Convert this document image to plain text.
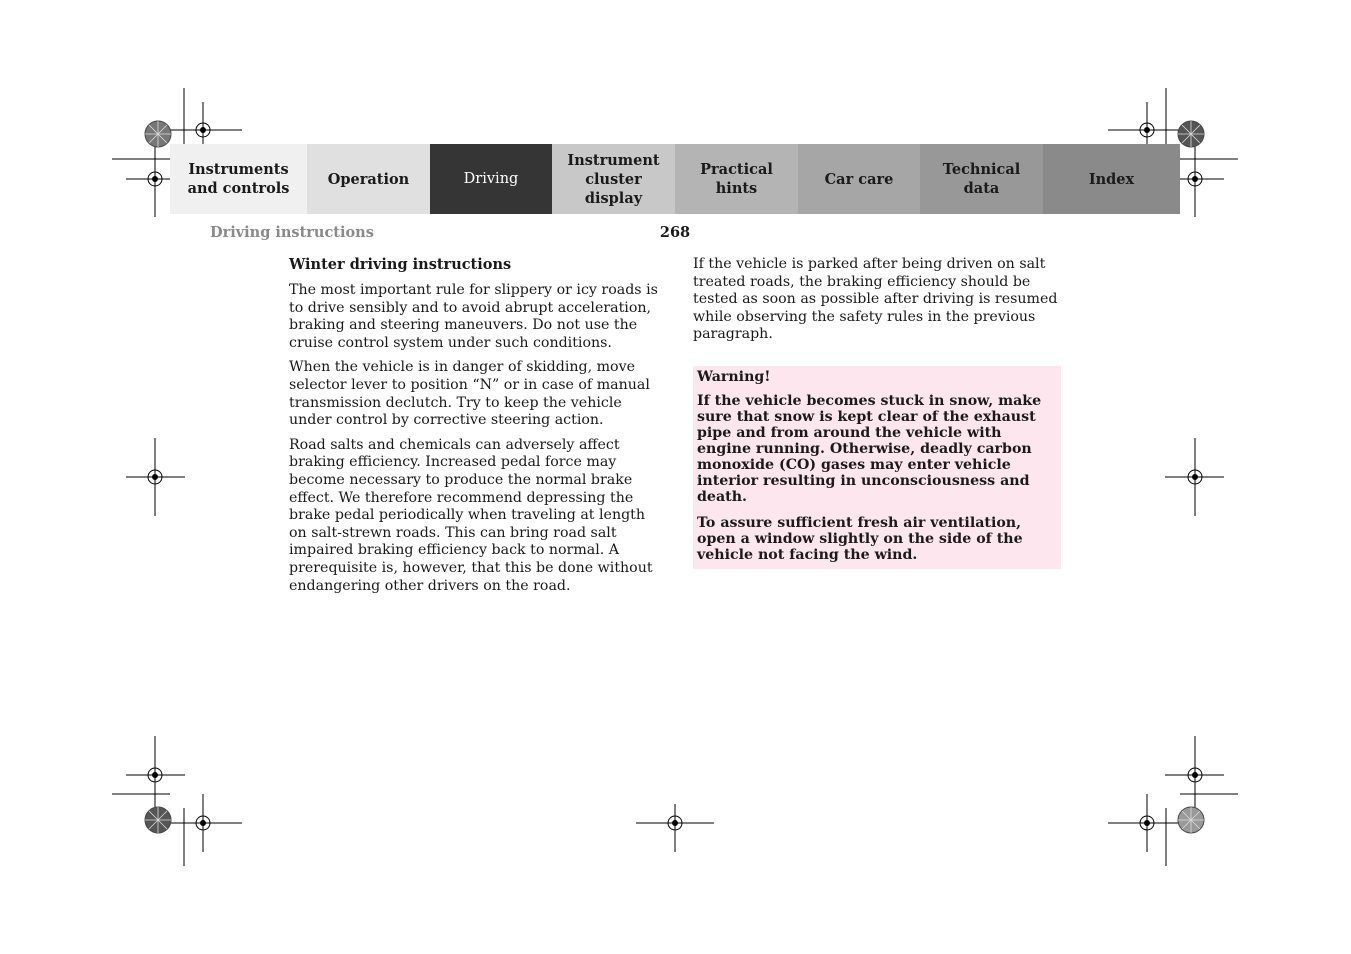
Instruments
and controls
Operation	Driving
Instrument
cluster display
Practical hints
Car care
Technical
data
Index
Driving instructions	268
Winter driving instructions

The most important rule for slippery or icy roads is to drive sensibly and to avoid abrupt acceleration, braking and steering maneuvers. Do not use the cruise control system under such conditions.

When the vehicle is in danger of skidding, move selector lever to position “N” or in case of manual transmission declutch. Try to keep the vehicle under control by corrective steering action.

Road salts and chemicals can adversely affect braking efficiency. Increased pedal force may become necessary to produce the normal brake effect. We therefore recommend depressing the brake pedal periodically when traveling at length on salt-strewn roads. This can bring road salt impaired braking efficiency back to normal. A prerequisite is, however, that this be done without endangering other drivers on the road.

If the vehicle is parked after being driven on salt treated roads, the braking efficiency should be tested as soon as possible after driving is resumed while observing the safety rules in the previous paragraph.

Warning!

If the vehicle becomes stuck in snow, make sure that snow is kept clear of the exhaust pipe and from around the vehicle with engine running. Otherwise, deadly carbon monoxide (CO) gases may enter vehicle interior resulting in unconsciousness and death.

To assure sufficient fresh air ventilation, open a window slightly on the side of the vehicle not facing the wind.
